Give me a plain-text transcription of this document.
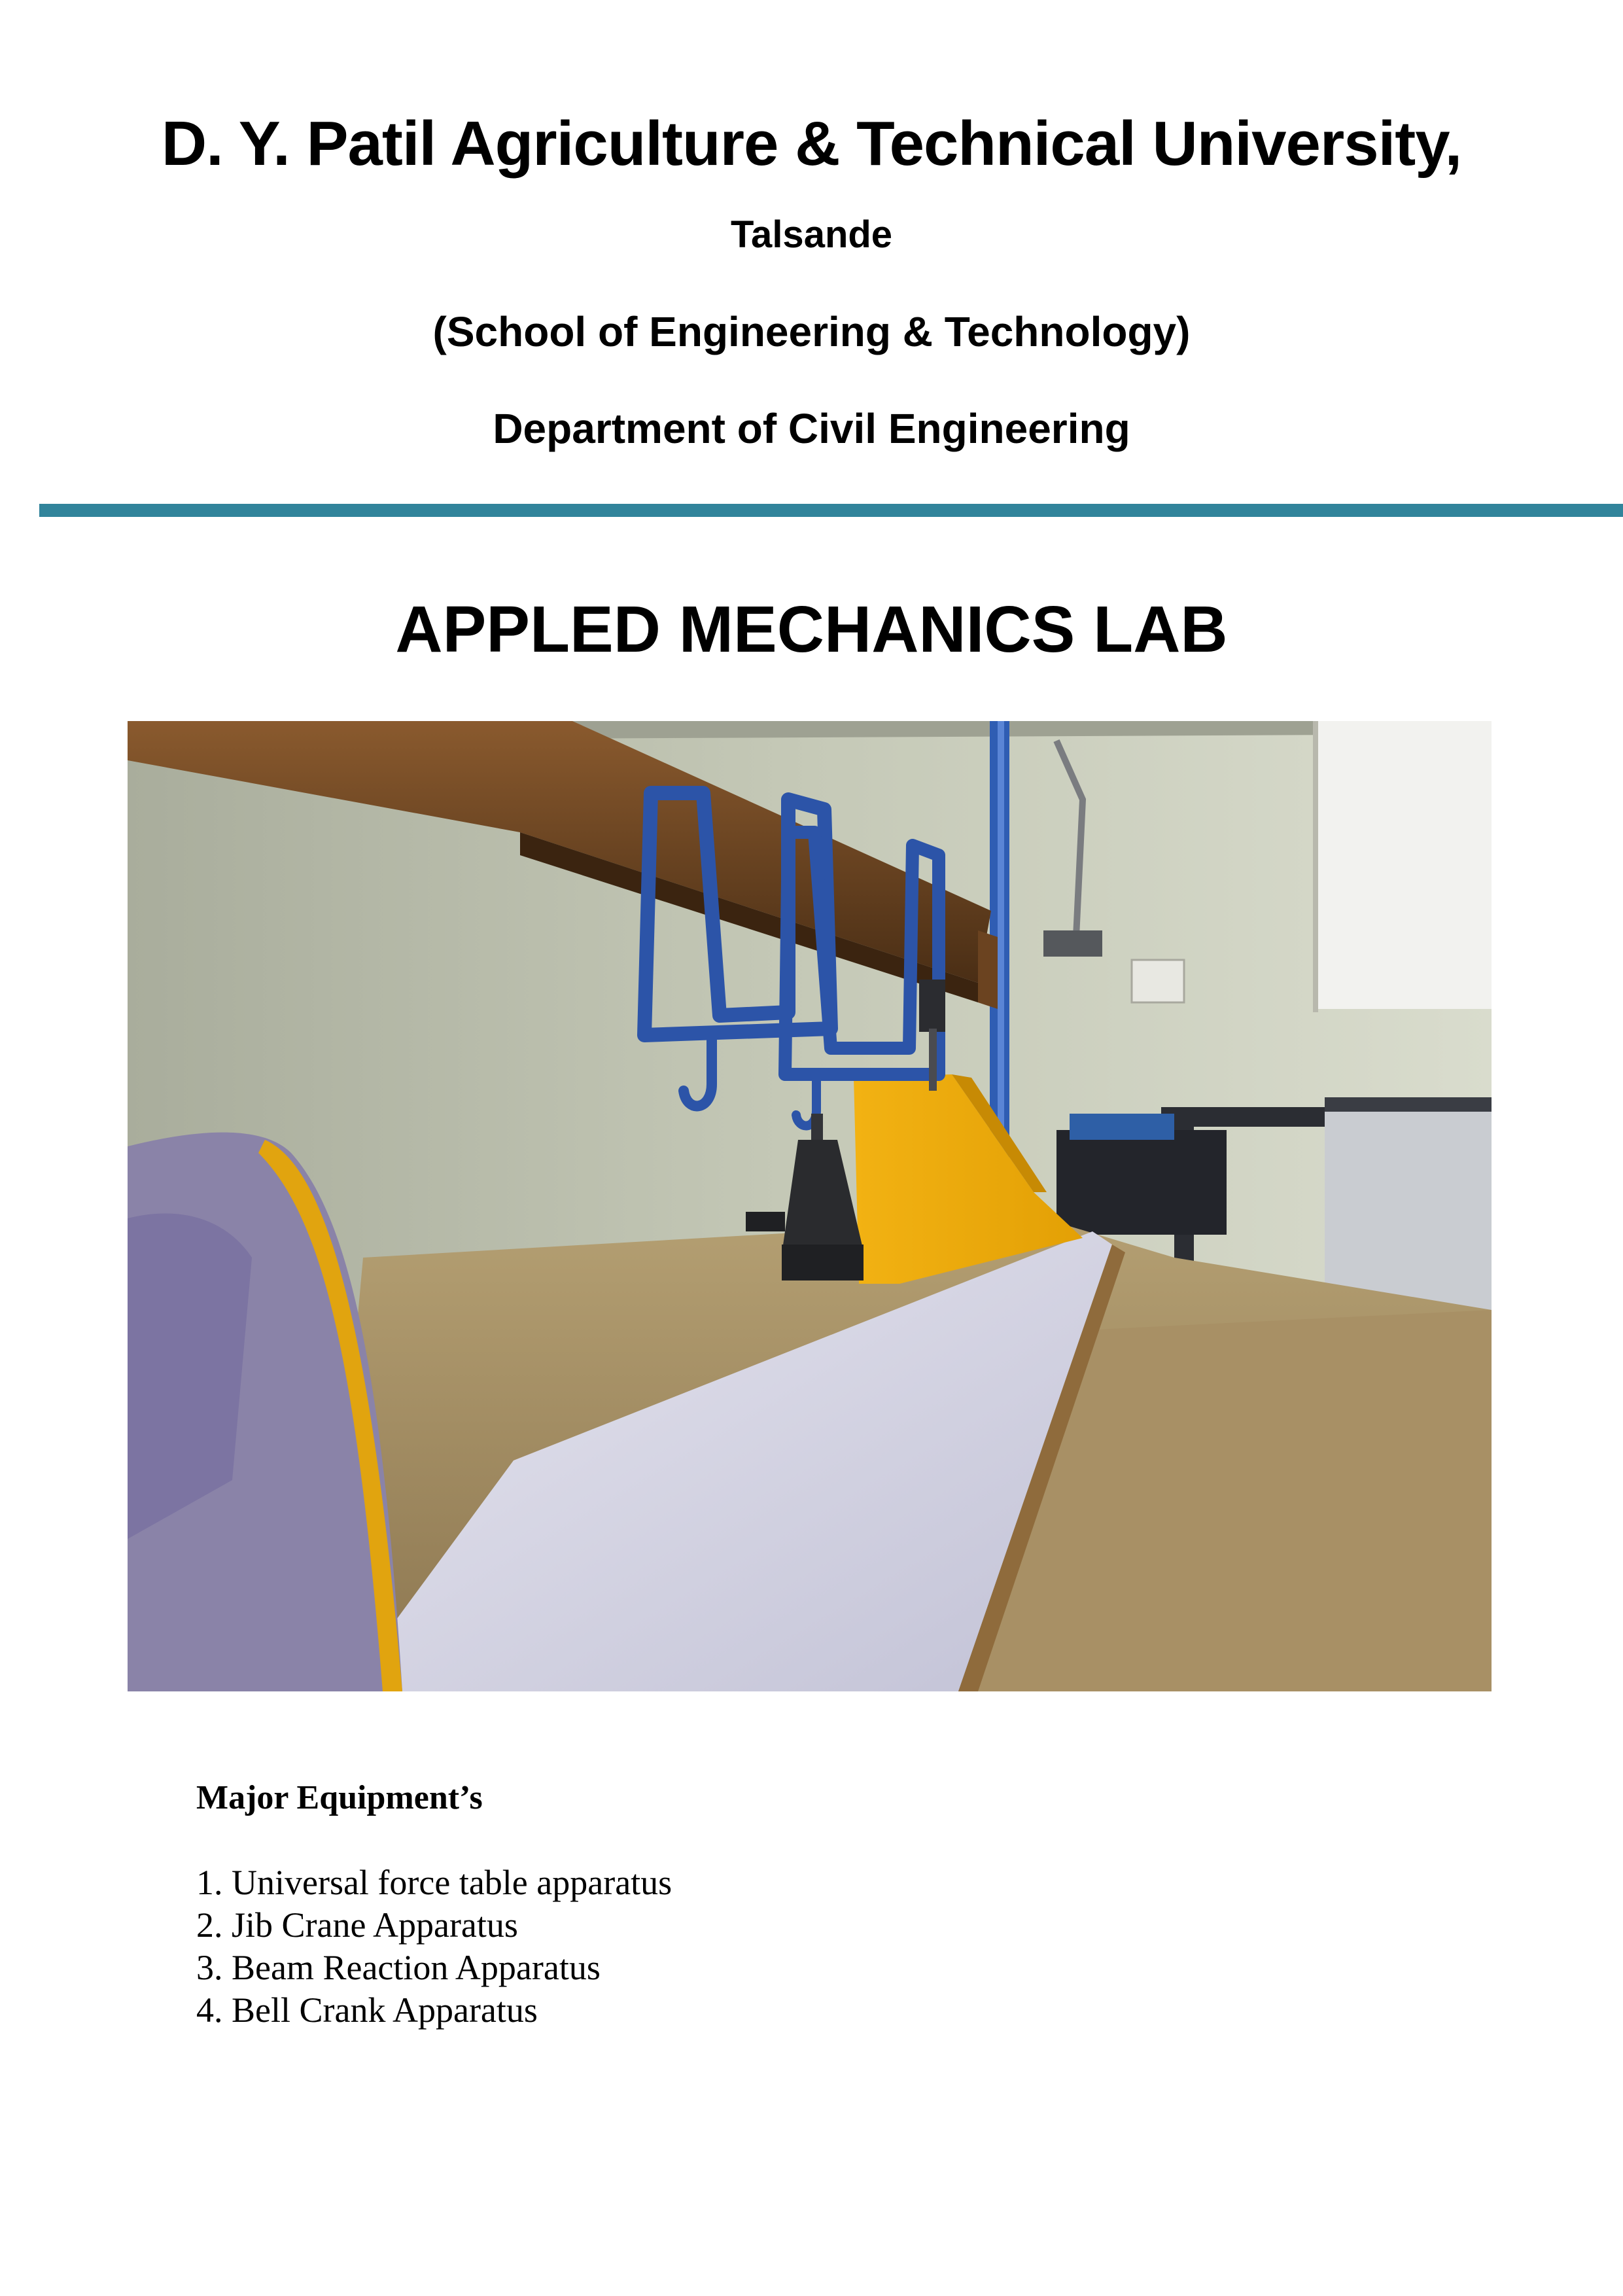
D. Y. Patil Agriculture & Technical University,
Talsande
(School of Engineering & Technology)
Department of Civil Engineering
APPLED MECHANICS LAB
Major Equipment’s
1. Universal force table apparatus
2. Jib Crane Apparatus
3. Beam Reaction Apparatus
4. Bell Crank Apparatus
